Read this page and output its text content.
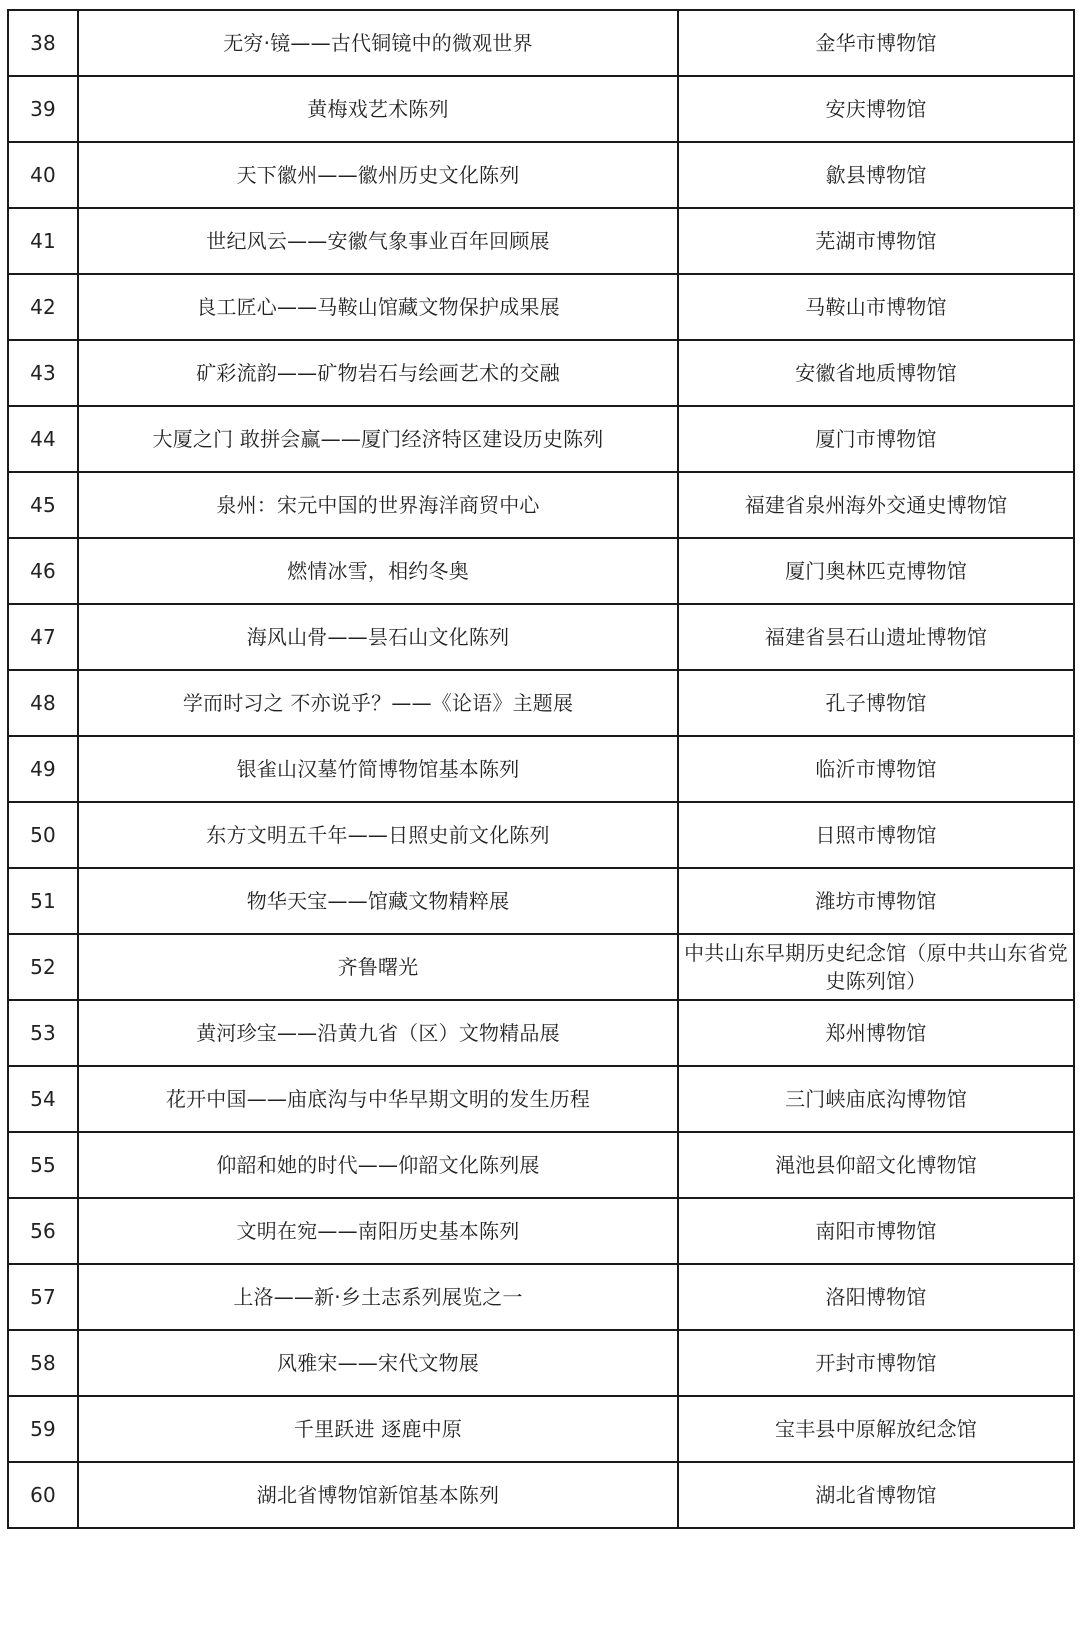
38	无穷·镜——古代铜镜中的微观世界	金华市博物馆
39	黄梅戏艺术陈列	安庆博物馆
40	天下徽州——徽州历史文化陈列	歙县博物馆
41	世纪风云——安徽气象事业百年回顾展	芜湖市博物馆
42	良工匠心——马鞍山馆藏文物保护成果展	马鞍山市博物馆
43	矿彩流韵——矿物岩石与绘画艺术的交融	安徽省地质博物馆
44	大厦之门 敢拼会赢——厦门经济特区建设历史陈列	厦门市博物馆
45	泉州：宋元中国的世界海洋商贸中心	福建省泉州海外交通史博物馆
46	燃情冰雪，相约冬奥	厦门奥林匹克博物馆
47	海风山骨——昙石山文化陈列	福建省昙石山遗址博物馆
48	学而时习之 不亦说乎？——《论语》主题展	孔子博物馆
49	银雀山汉墓竹简博物馆基本陈列	临沂市博物馆
50	东方文明五千年——日照史前文化陈列	日照市博物馆
51	物华天宝——馆藏文物精粹展	潍坊市博物馆
52	齐鲁曙光	中共山东早期历史纪念馆（原中共山东省党史陈列馆）
53	黄河珍宝——沿黄九省（区）文物精品展	郑州博物馆
54	花开中国——庙底沟与中华早期文明的发生历程	三门峡庙底沟博物馆
55	仰韶和她的时代——仰韶文化陈列展	渑池县仰韶文化博物馆
56	文明在宛——南阳历史基本陈列	南阳市博物馆
57	上洛——新·乡土志系列展览之一	洛阳博物馆
58	风雅宋——宋代文物展	开封市博物馆
59	千里跃进 逐鹿中原	宝丰县中原解放纪念馆
60	湖北省博物馆新馆基本陈列	湖北省博物馆
